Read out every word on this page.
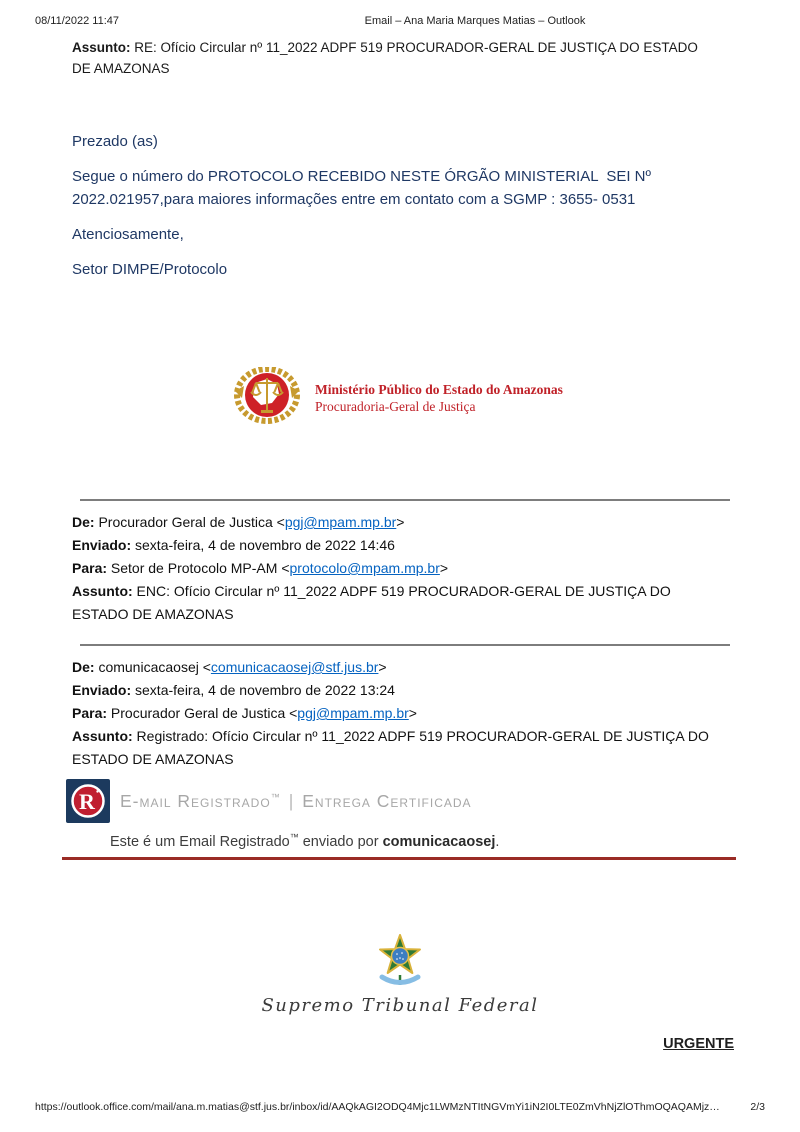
08/11/2022 11:47	Email – Ana Maria Marques Matias – Outlook
Assunto: RE: Ofício Circular nº 11_2022 ADPF 519 PROCURADOR-GERAL DE JUSTIÇA DO ESTADO DE AMAZONAS

Prezado (as)

Segue o número do PROTOCOLO RECEBIDO NESTE ÓRGÃO MINISTERIAL  SEI Nº 2022.021957,para maiores informações entre em contato com a SGMP : 3655- 0531

Atenciosamente,

Setor DIMPE/Protocolo

Ministério Público do Estado do Amazonas
Procuradoria-Geral de Justiça
De: Procurador Geral de Justica <pgj@mpam.mp.br>
Enviado: sexta-feira, 4 de novembro de 2022 14:46
Para: Setor de Protocolo MP-AM <protocolo@mpam.mp.br>
Assunto: ENC: Ofício Circular nº 11_2022 ADPF 519 PROCURADOR-GERAL DE JUSTIÇA DO ESTADO DE AMAZONAS
De: comunicacaosej <comunicacaosej@stf.jus.br>
Enviado: sexta-feira, 4 de novembro de 2022 13:24
Para: Procurador Geral de Justica <pgj@mpam.mp.br>
Assunto: Registrado: Ofício Circular nº 11_2022 ADPF 519 PROCURADOR-GERAL DE JUSTIÇA DO ESTADO DE AMAZONAS
R E-mail Registrado™ | Entrega Certificada
Este é um Email Registrado™ enviado por comunicacaosej.
Supremo Tribunal Federal
URGENTE
https://outlook.office.com/mail/ana.m.matias@stf.jus.br/inbox/id/AAQkAGI2ODQ4Mjc1LWMzNTItNGVmYi1iN2I0LTE0ZmVhNjZlOThmOQAQAMjz…	2/3
